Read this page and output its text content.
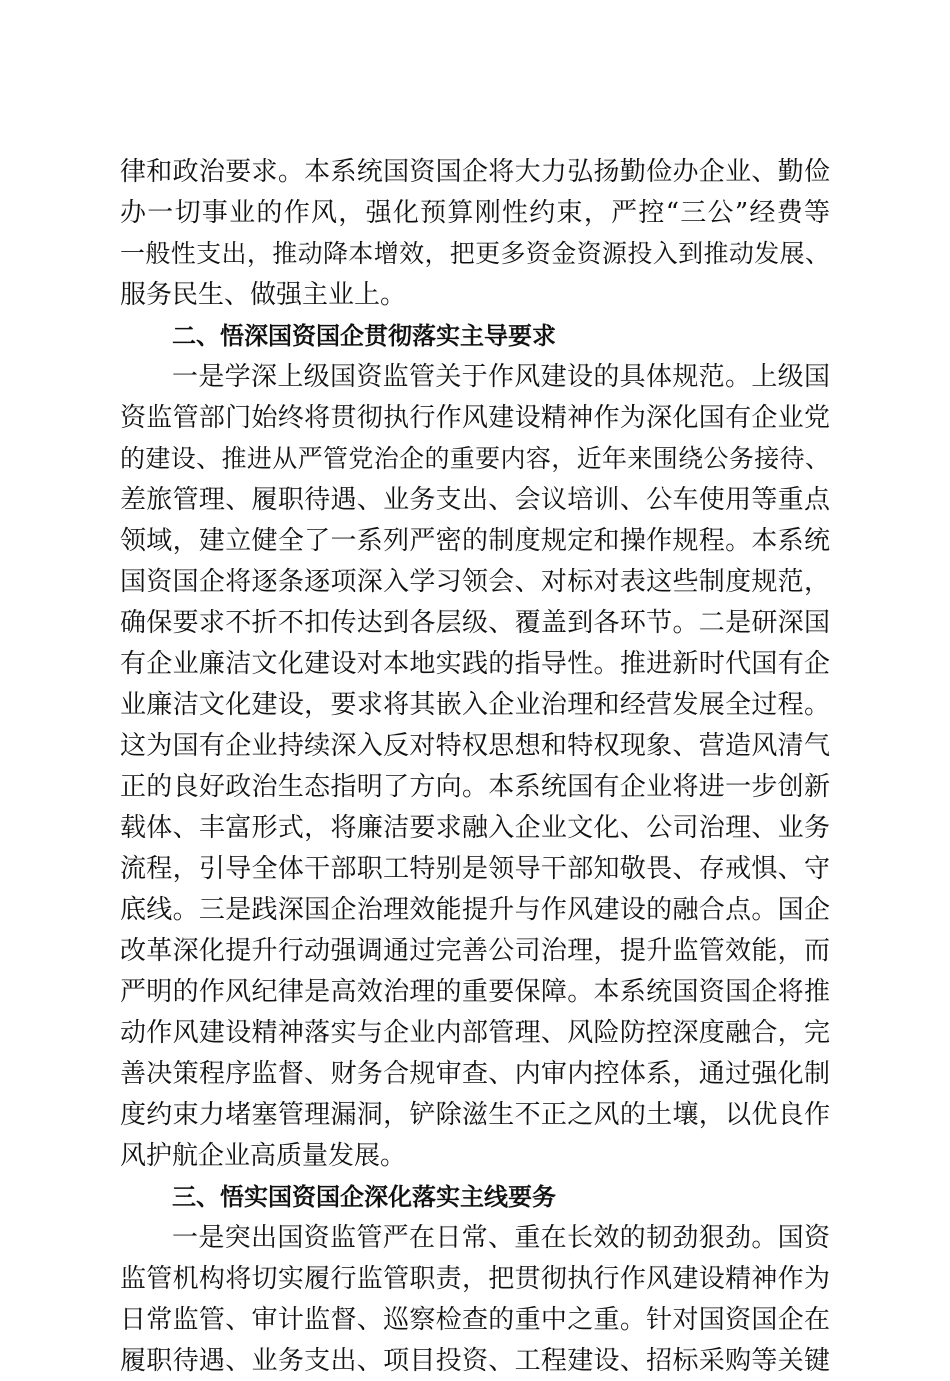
律和政治要求。本系统国资国企将大力弘扬勤俭办企业、勤俭
办一切事业的作风，强化预算刚性约束，严控“三公”经费等
一般性支出，推动降本增效，把更多资金资源投入到推动发展、
服务民生、做强主业上。
二、悟深国资国企贯彻落实主导要求
一是学深上级国资监管关于作风建设的具体规范。上级国
资监管部门始终将贯彻执行作风建设精神作为深化国有企业党
的建设、推进从严管党治企的重要内容，近年来围绕公务接待、
差旅管理、履职待遇、业务支出、会议培训、公车使用等重点
领域，建立健全了一系列严密的制度规定和操作规程。本系统
国资国企将逐条逐项深入学习领会、对标对表这些制度规范，
确保要求不折不扣传达到各层级、覆盖到各环节。二是研深国
有企业廉洁文化建设对本地实践的指导性。推进新时代国有企
业廉洁文化建设，要求将其嵌入企业治理和经营发展全过程。
这为国有企业持续深入反对特权思想和特权现象、营造风清气
正的良好政治生态指明了方向。本系统国有企业将进一步创新
载体、丰富形式，将廉洁要求融入企业文化、公司治理、业务
流程，引导全体干部职工特别是领导干部知敬畏、存戒惧、守
底线。三是践深国企治理效能提升与作风建设的融合点。国企
改革深化提升行动强调通过完善公司治理，提升监管效能，而
严明的作风纪律是高效治理的重要保障。本系统国资国企将推
动作风建设精神落实与企业内部管理、风险防控深度融合，完
善决策程序监督、财务合规审查、内审内控体系，通过强化制
度约束力堵塞管理漏洞，铲除滋生不正之风的土壤，以优良作
风护航企业高质量发展。
三、悟实国资国企深化落实主线要务
一是突出国资监管严在日常、重在长效的韧劲狠劲。国资
监管机构将切实履行监管职责，把贯彻执行作风建设精神作为
日常监管、审计监督、巡察检查的重中之重。针对国资国企在
履职待遇、业务支出、项目投资、工程建设、招标采购等关键
